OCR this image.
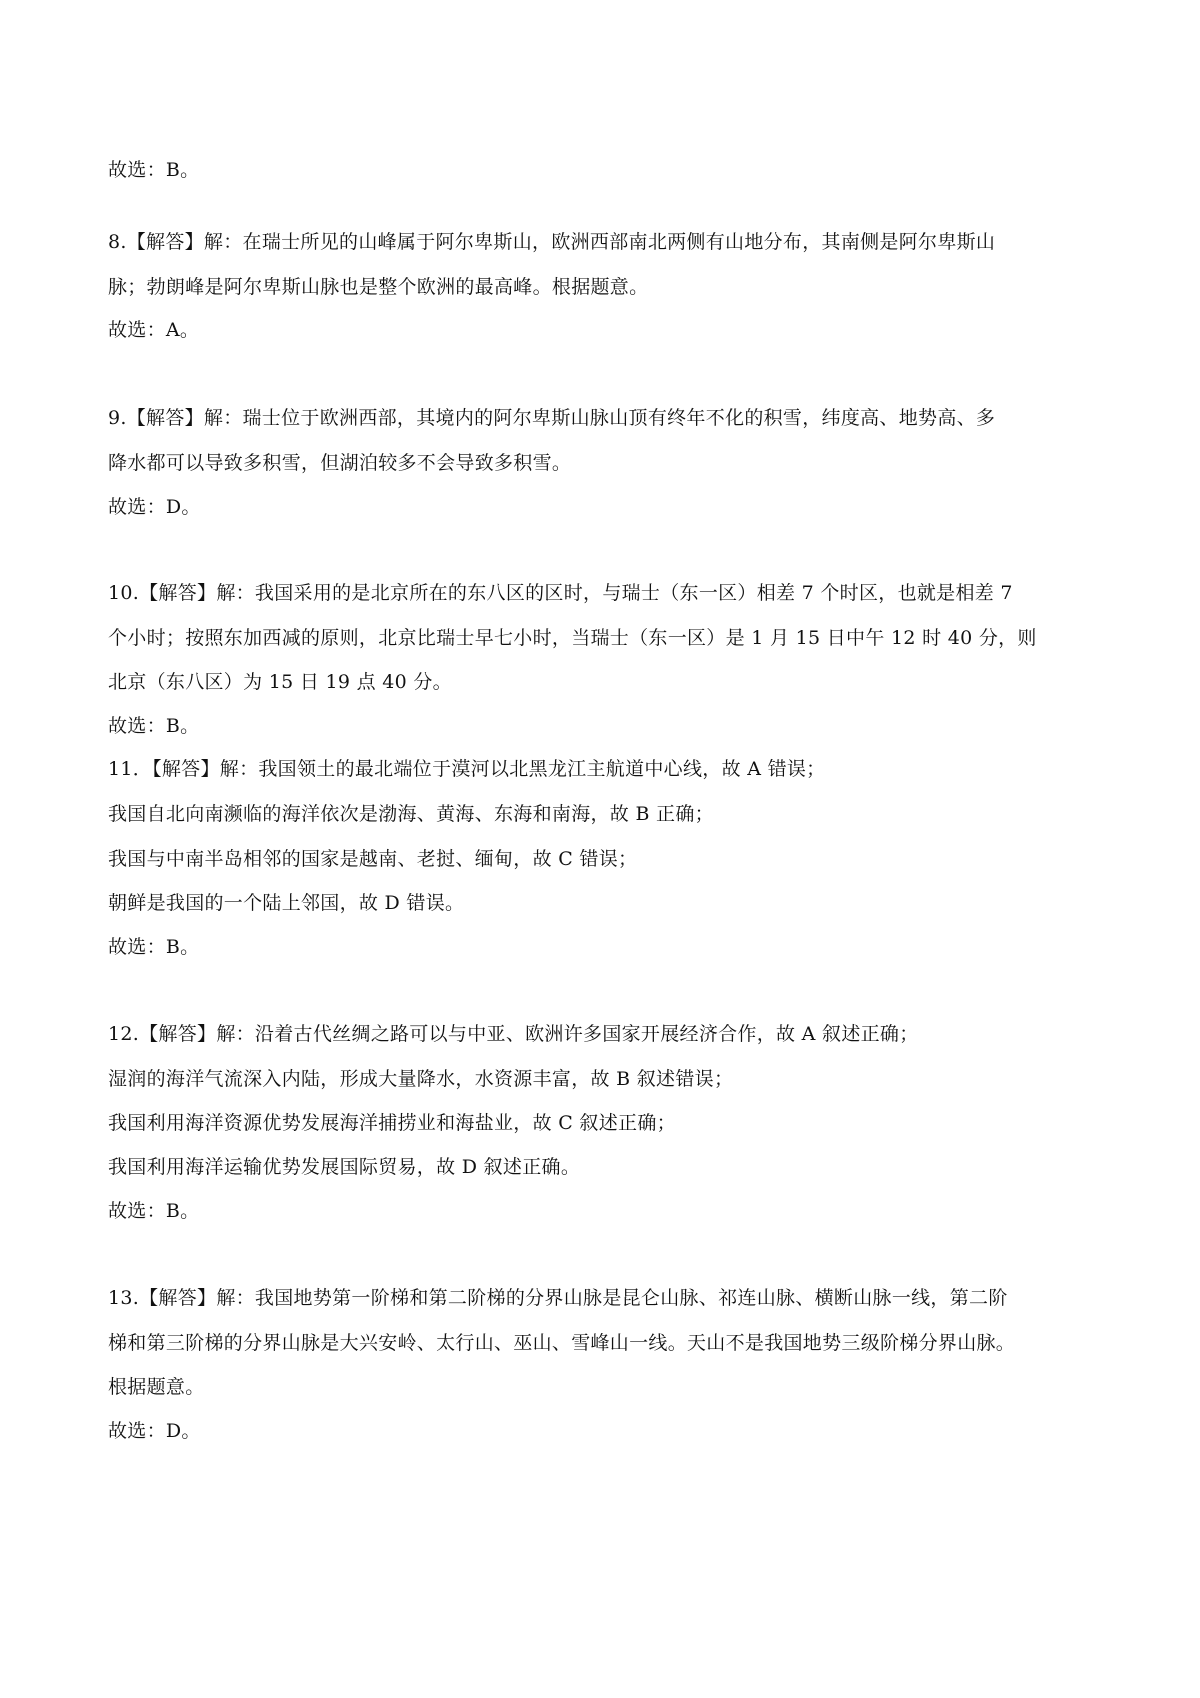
故选：B。
8.【解答】解：在瑞士所见的山峰属于阿尔卑斯山，欧洲西部南北两侧有山地分布，其南侧是阿尔卑斯山
脉；勃朗峰是阿尔卑斯山脉也是整个欧洲的最高峰。根据题意。
故选：A。
9.【解答】解：瑞士位于欧洲西部，其境内的阿尔卑斯山脉山顶有终年不化的积雪，纬度高、地势高、多
降水都可以导致多积雪，但湖泊较多不会导致多积雪。
故选：D。
10.【解答】解：我国采用的是北京所在的东八区的区时，与瑞士（东一区）相差 7 个时区，也就是相差 7
个小时；按照东加西减的原则，北京比瑞士早七小时，当瑞士（东一区）是 1 月 15 日中午 12 时 40 分，则
北京（东八区）为 15 日 19 点 40 分。
故选：B。
11．【解答】解：我国领土的最北端位于漠河以北黑龙江主航道中心线，故 A 错误；
我国自北向南濒临的海洋依次是渤海、黄海、东海和南海，故 B 正确；
我国与中南半岛相邻的国家是越南、老挝、缅甸，故 C 错误；
朝鲜是我国的一个陆上邻国，故 D 错误。
故选：B。
12.【解答】解：沿着古代丝绸之路可以与中亚、欧洲许多国家开展经济合作，故 A 叙述正确；
湿润的海洋气流深入内陆，形成大量降水，水资源丰富，故 B 叙述错误；
我国利用海洋资源优势发展海洋捕捞业和海盐业，故 C 叙述正确；
我国利用海洋运输优势发展国际贸易，故 D 叙述正确。
故选：B。
13.【解答】解：我国地势第一阶梯和第二阶梯的分界山脉是昆仑山脉、祁连山脉、横断山脉一线，第二阶
梯和第三阶梯的分界山脉是大兴安岭、太行山、巫山、雪峰山一线。天山不是我国地势三级阶梯分界山脉。
根据题意。
故选：D。
